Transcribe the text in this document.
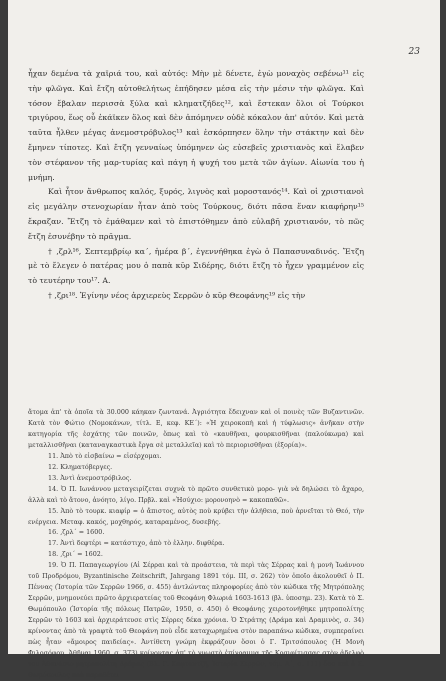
23

ἦχαν δεμένα τὰ χαϊριά του, καὶ αὐτός: Μὴν μὲ δένετε, ἐγὼ μοναχὸς σεβένω¹¹ εἰς τὴν φλῶγα. Καὶ ἔτζη αὐτοθελήτως ἐπήδησεν μέσα εἰς τὴν μέσιν τὴν φλῶγα. Καὶ τόσον ἔβαλαν περισσὰ ξύλα καὶ κληματζήδες¹², καὶ ἔστεκαν ὅλοι οἱ Τούρκοι τριγύρου, ἕως οὗ ἐκάϊκεν ὅλος καὶ δὲν ἀπόμηνεν οὐδὲ κόκαλον ἀπ' αὐτόν. Καὶ μετὰ ταῦτα ἦλθεν μέγας ἀνεμοστρόβυλος¹³ καὶ ἐσκόρπησεν ὅλην τὴν στάκτην καὶ δὲν ἔμηνεν τίποτες. Καὶ ἔτζη γενναίως ὑπόμηνεν ὡς εὐσεβεῖς χριστιανὸς καὶ ἔλαβεν τὸν στέφανον τῆς μαρ-τυρίας καὶ πάγη ἡ ψυχή του μετὰ τῶν ἁγίων. Αἰωνία του ἡ μνήμη.

Καὶ ἦτον ἄνθρωπος καλός, ξυρός, λιγνὸς καὶ μοροστανός¹⁴. Καὶ οἱ χριστιανοὶ εἰς μεγάλην στενοχωρίαν ἦταν ἀπὸ τοὺς Τούρκους, διότι πᾶσα ἕναν κιαφήρην¹⁵ ἔκραζαν. Ἔτζη τὸ ἐμάθαμεν καὶ τὸ ἐπιστόθημεν ἀπὸ εὐλαβῆ χριστιανόν, τὸ πῶς ἔτζη ἐσυνέβην τὸ πρᾶγμα.

† ,ζρλ¹⁶, Σεπτεμβρίῳ κα΄, ἡμέρα β΄, ἐγεννήθηκα ἐγὼ ὁ Παπασυναδινός. Ἔτζη μὲ τὸ ἔλεγεν ὁ πατέρας μου ὁ παπὰ κῦρ Σιδέρης, διότι ἔτζη τὸ ἦχεν γραμμένον εἰς τὸ τευτέρην του¹⁷. Α.

† ,ζρι¹⁸. Ἐγίνην νέος ἀρχιερεὺς Σερρῶν ὁ κῦρ Θεοφάνης¹⁹ εἰς τὴν

ἄτομα ἀπ' τὰ ὁποῖα τὰ 30.000 κάηκαν ζωντανά. Ἀγριότητα ἔδειχναν καὶ οἱ ποινὲς τῶν Βυζαντινῶν. Κατὰ τὸν Φώτιο (Νομοκάνων, τίτλ. Ε, κεφ. ΚΕ΄): «Ἡ χειροκοπὴ καὶ ἡ τύφλωσις» ἀνῆκαν στὴν κατηγορία τῆς ἐσχάτης τῶν ποινῶν, ὅπως καὶ τὸ «καυθῆναι, φουρκισθῆναι (παλούκωμα) καὶ μεταλλισθῆναι (καταναγκαστικὰ ἔργα σὲ μεταλλεῖα) καὶ τὸ περιορισθῆναι (ἐξορία)».

11. Ἀπὸ τὸ εἰσβαίνω = εἰσέρχομαι.

12. Κληματόβεργες.

13. Ἀντὶ ἀνεμοστρόβιλος.

14. Ὁ Π. Ιωνάννου μεταγειρίζεται συχνὰ τὸ πρῶτο συνθετικὸ μορο- γιὰ νὰ δηλώσει τὸ ἄχαρο, ἀλλὰ καὶ τὸ ἄτονο, ἀνόητο, λίγο. Πρβλ. καὶ «Ἡσύχιο: μορονοηνὸ = κακοπαθῶ».

15. Ἀπὸ τὸ τουρκ. κιαφίρ = ὁ ἄπιστος, αὐτὸς ποὺ κρύβει τὴν ἀλήθεια, ποὺ ἀρνεῖται τὸ Θεό, τὴν ενέργεια. Μεταφ. κακός, μοχθηρός, καταραμένος, δυσεβής.

16. ,ζρλ΄ = 1600.

17. Ἀντὶ δεφτέρι = κατάστιχο, ἀπὸ τὸ ἑλλην. διφθέρα.

18. ,ζρι΄ = 1602.

19. Ὁ Π. Παπαγεωργίου (Αἱ Σέρραι καὶ τὰ προάστεια, τὰ περὶ τὰς Σέρρας καὶ ἡ μονὴ Ἰωάννου τοῦ Προδρόμου, Byzantinische Zeitschrift, Jahrgang 1891 τόμ. ΙΙΙ, σ. 262) τὸν ὁποῖο ἀκολουθεῖ ὁ Π. Πέννας (Ἱστορία τῶν Σερρῶν 1966, σ. 455) ἀντλώντας πληροφορίες ἀπὸ τὸν κώδικα τῆς Μητρόπολης Σερρῶν, μνημονεύει πρῶτο ἀρχιερατείας τοῦ Θεοφάνη Φλωριά 1603-1613 (βλ. ὑποσημ. 23). Κατὰ τὸ Σ. Θωμόπουλο (Ἱστορία τῆς πόλεως Πατρῶν, 1950, σ. 450) ὁ Θεοφάνης χειροτονήθηκε μητροπολίτης Σερρῶν τὸ 1603 καὶ ἀρχιεράτευσε στὶς Σέρρες δέκα χρόνια. Ὁ Στράτης (Δράμα καὶ Δραμινὸς, σ. 34) κρίνοντας ἀπὸ τὰ γραφτὰ τοῦ Θεοφάνη ποὺ εἶδε καταχωρημένα στὸν παραπάνω κώδικα, συμπεραίνει πὼς ἦταν «ἄμοιρος παιδείας». Ἀντίθετη γνώμη ἐκφράζουν ὅσοι ὁ Γ. Τριτσόπουλος (Ἡ Μονὴ Φιλοσόφου, Ἀθῆναι 1960, σ. 373) κρίνοντας ἀπ' τὸ γνωστὸ ἐπίγραμμα τῆς Κοσιφίτισσας στὸν ἀδελφὸ του Ἀθανάσιο μητροπολίτη Δράμας (Βλ. Γ. Καφταντζῆ, Ἱστορία Σερρῶν, τόμ. Α΄, σ. 111) ὅσο καὶ ὁ Σ. Θωμόπουλος ποὺ παραθέτει
